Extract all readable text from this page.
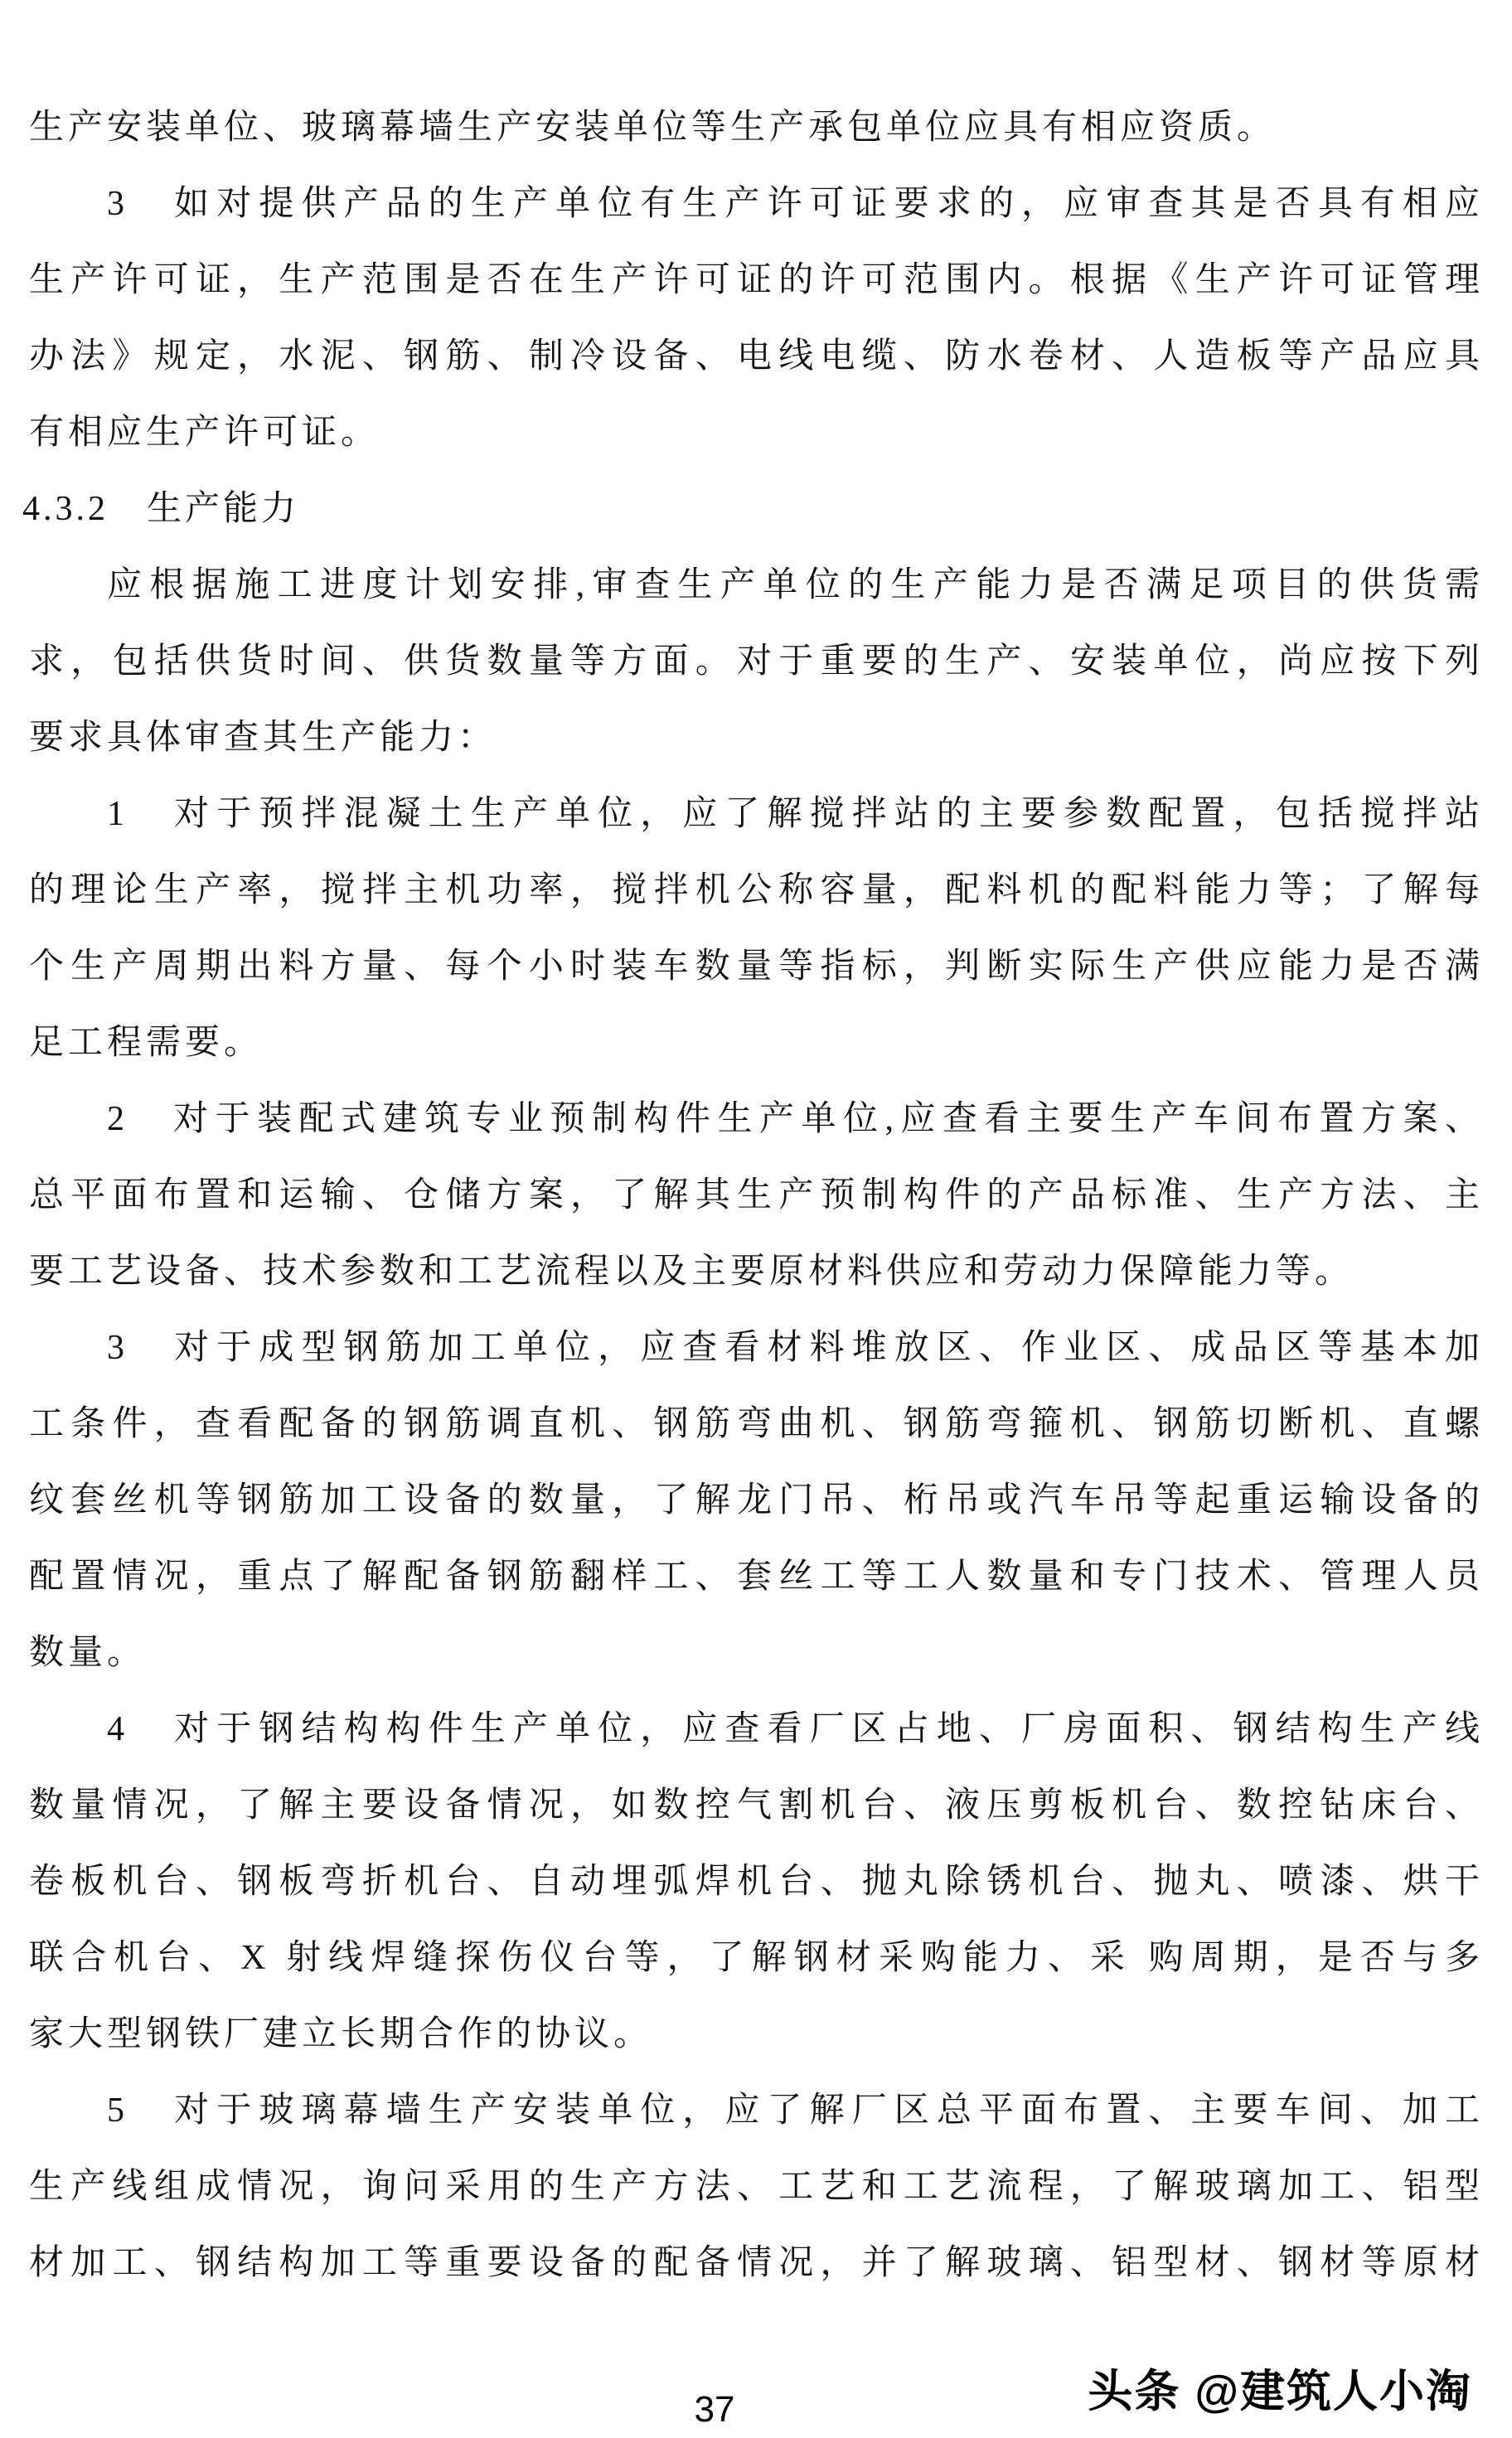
生产安装单位、玻璃幕墙生产安装单位等生产承包单位应具有相应资质。
3　如对提供产品的生产单位有生产许可证要求的，应审查其是否具有相应
生产许可证，生产范围是否在生产许可证的许可范围内。根据《生产许可证管理
办法》规定，水泥、钢筋、制冷设备、电线电缆、防水卷材、人造板等产品应具
有相应生产许可证。
4.3.2　生产能力
应根据施工进度计划安排,审查生产单位的生产能力是否满足项目的供货需
求，包括供货时间、供货数量等方面。对于重要的生产、安装单位，尚应按下列
要求具体审查其生产能力：
1　对于预拌混凝土生产单位，应了解搅拌站的主要参数配置，包括搅拌站
的理论生产率，搅拌主机功率，搅拌机公称容量，配料机的配料能力等；了解每
个生产周期出料方量、每个小时装车数量等指标，判断实际生产供应能力是否满
足工程需要。
2　对于装配式建筑专业预制构件生产单位,应查看主要生产车间布置方案、
总平面布置和运输、仓储方案，了解其生产预制构件的产品标准、生产方法、主
要工艺设备、技术参数和工艺流程以及主要原材料供应和劳动力保障能力等。
3　对于成型钢筋加工单位，应查看材料堆放区、作业区、成品区等基本加
工条件，查看配备的钢筋调直机、钢筋弯曲机、钢筋弯箍机、钢筋切断机、直螺
纹套丝机等钢筋加工设备的数量，了解龙门吊、桁吊或汽车吊等起重运输设备的
配置情况，重点了解配备钢筋翻样工、套丝工等工人数量和专门技术、管理人员
数量。
4　对于钢结构构件生产单位，应查看厂区占地、厂房面积、钢结构生产线
数量情况，了解主要设备情况，如数控气割机台、液压剪板机台、数控钻床台、
卷板机台、钢板弯折机台、自动埋弧焊机台、抛丸除锈机台、抛丸、喷漆、烘干
联合机台、X 射线焊缝探伤仪台等，了解钢材采购能力、采 购周期，是否与多
家大型钢铁厂建立长期合作的协议。
5　对于玻璃幕墙生产安装单位，应了解厂区总平面布置、主要车间、加工
生产线组成情况，询问采用的生产方法、工艺和工艺流程，了解玻璃加工、铝型
材加工、钢结构加工等重要设备的配备情况，并了解玻璃、铝型材、钢材等原材
头条 @建筑人小淘
37
